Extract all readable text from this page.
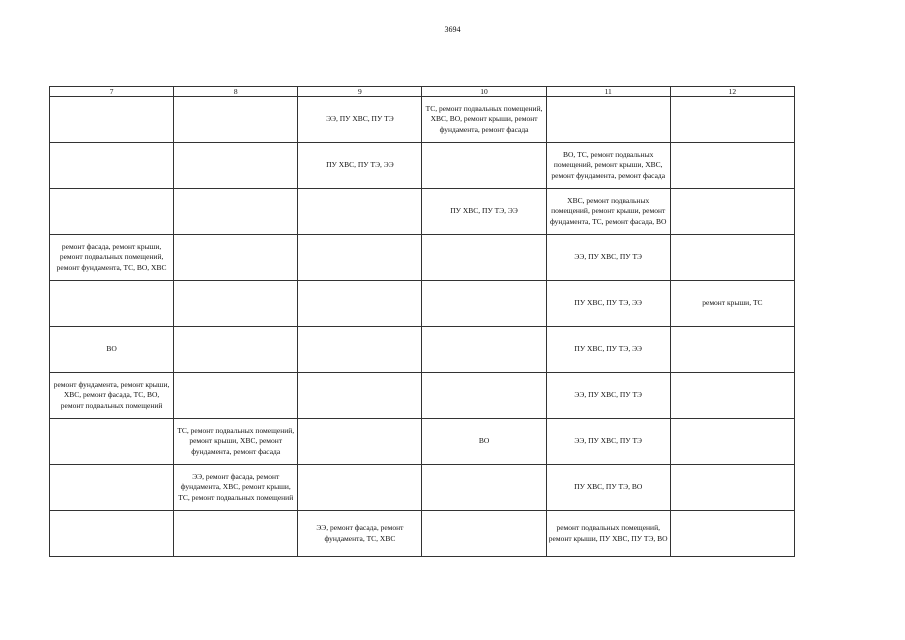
3694
7	8	9	10	11	12
		ЭЭ, ПУ ХВС, ПУ ТЭ	ТС, ремонт подвальных помещений, ХВС, ВО, ремонт крыши, ремонт фундамента, ремонт фасада		
		ПУ ХВС, ПУ ТЭ, ЭЭ		ВО, ТС, ремонт подвальных помещений, ремонт крыши, ХВС, ремонт фундамента, ремонт фасада	
			ПУ ХВС, ПУ ТЭ, ЭЭ	ХВС, ремонт подвальных помещений, ремонт крыши, ремонт фундамента, ТС, ремонт фасада, ВО	
ремонт фасада, ремонт крыши, ремонт подвальных помещений, ремонт фундамента, ТС, ВО, ХВС				ЭЭ, ПУ ХВС, ПУ ТЭ	
				ПУ ХВС, ПУ ТЭ, ЭЭ	ремонт крыши, ТС
ВО				ПУ ХВС, ПУ ТЭ, ЭЭ	
ремонт фундамента, ремонт крыши, ХВС, ремонт фасада, ТС, ВО, ремонт подвальных помещений				ЭЭ, ПУ ХВС, ПУ ТЭ	
	ТС, ремонт подвальных помещений, ремонт крыши, ХВС, ремонт фундамента, ремонт фасада		ВО	ЭЭ, ПУ ХВС, ПУ ТЭ	
	ЭЭ, ремонт фасада, ремонт фундамента, ХВС, ремонт крыши, ТС, ремонт подвальных помещений			ПУ ХВС, ПУ ТЭ, ВО	
		ЭЭ, ремонт фасада, ремонт фундамента, ТС, ХВС		ремонт подвальных помещений, ремонт крыши, ПУ ХВС, ПУ ТЭ, ВО	
